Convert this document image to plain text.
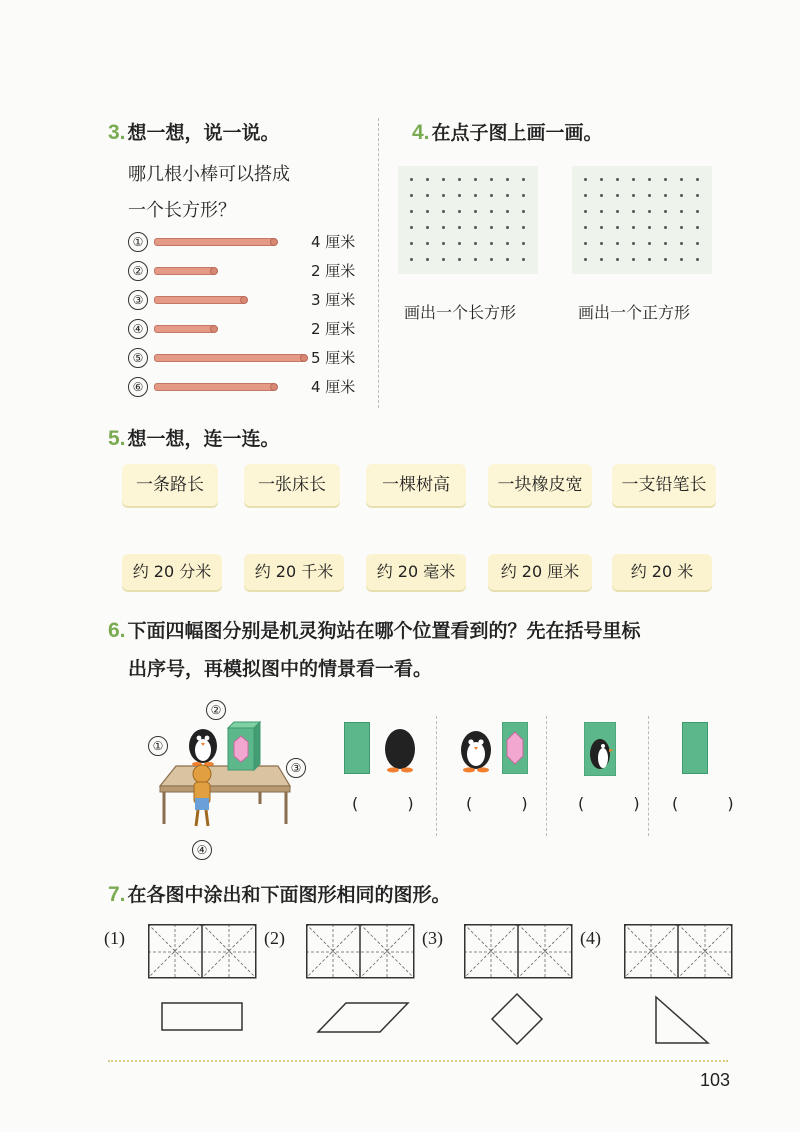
3. 想一想，说一说。
哪几根小棒可以搭成
一个长方形？
①	4 厘米
②	2 厘米
③	3 厘米
④	2 厘米
⑤	5 厘米
⑥	4 厘米
4. 在点子图上画一画。
画出一个长方形	画出一个正方形
5. 想一想，连一连。
一条路长	一张床长	一棵树高	一块橡皮宽	一支铅笔长
约 20 分米	约 20 千米	约 20 毫米	约 20 厘米	约 20 米
6. 下面四幅图分别是机灵狗站在哪个位置看到的？先在括号里标
出序号，再模拟图中的情景看一看。
①
②
③
④
( ) ( ) ( ) ( )
7. 在各图中涂出和下面图形相同的图形。
(1)	(2)	(3)	(4)
103
